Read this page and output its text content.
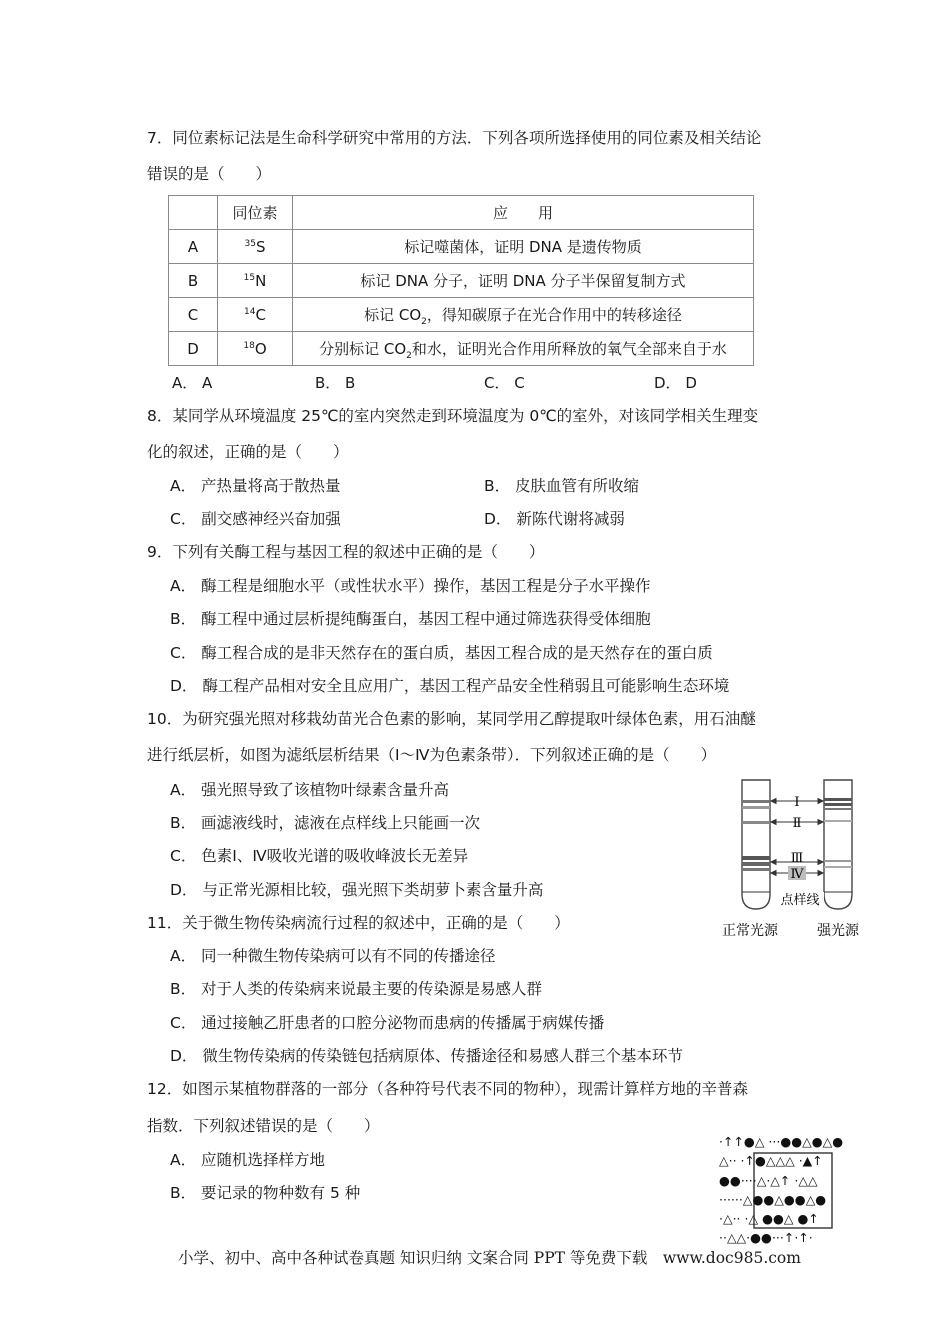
7．同位素标记法是生命科学研究中常用的方法．下列各项所选择使用的同位素及相关结论
错误的是（　　）
	同位素	应　　用
A	$^{35}$S	标记噬菌体，证明 DNA 是遗传物质
B	$^{15}$N	标记 DNA 分子，证明 DNA 分子半保留复制方式
C	$^{14}$C	标记 $CO_2$，得知碳原子在光合作用中的转移途径
D	$^{18}$O	分别标记 $CO_2$和水，证明光合作用所释放的氧气全部来自于水
A． A	B． B	C． C	D． D
8．某同学从环境温度 25℃的室内突然走到环境温度为 0℃的室外，对该同学相关生理变
化的叙述，正确的是（　　）
A． 产热量将高于散热量	B． 皮肤血管有所收缩
C． 副交感神经兴奋加强	D． 新陈代谢将减弱
9．下列有关酶工程与基因工程的叙述中正确的是（　　）
A． 酶工程是细胞水平（或性状水平）操作，基因工程是分子水平操作
B． 酶工程中通过层析提纯酶蛋白，基因工程中通过筛选获得受体细胞
C． 酶工程合成的是非天然存在的蛋白质，基因工程合成的是天然存在的蛋白质
D． 酶工程产品相对安全且应用广，基因工程产品安全性稍弱且可能影响生态环境
10．为研究强光照对移栽幼苗光合色素的影响，某同学用乙醇提取叶绿体色素，用石油醚
进行纸层析，如图为滤纸层析结果（Ⅰ～Ⅳ为色素条带）．下列叙述正确的是（　　）
A． 强光照导致了该植物叶绿素含量升高
B． 画滤液线时，滤液在点样线上只能画一次
C． 色素Ⅰ、Ⅳ吸收光谱的吸收峰波长无差异
D． 与正常光源相比较，强光照下类胡萝卜素含量升高
Ⅰ
Ⅱ
Ⅲ
Ⅳ
点样线
正常光源	强光源
11．关于微生物传染病流行过程的叙述中，正确的是（　　）
A． 同一种微生物传染病可以有不同的传播途径
B． 对于人类的传染病来说最主要的传染源是易感人群
C． 通过接触乙肝患者的口腔分泌物而患病的传播属于病媒传播
D． 微生物传染病的传染链包括病原体、传播途径和易感人群三个基本环节
12．如图示某植物群落的一部分（各种符号代表不同的物种），现需计算样方地的辛普森
指数．下列叙述错误的是（　　）
A． 应随机选择样方地
B． 要记录的物种数有 5 种
·↑↑●△ ···●●△●△●
△·· ·↑●△△△ ·▲↑
●●····△·△↑ ·△△
······△●●△●●△●
·△·· ·△ ●●△ ●↑
··△△·●●···↑·↑·
小学、初中、高中各种试卷真题 知识归纳 文案合同 PPT 等免费下载　www.doc985.com
